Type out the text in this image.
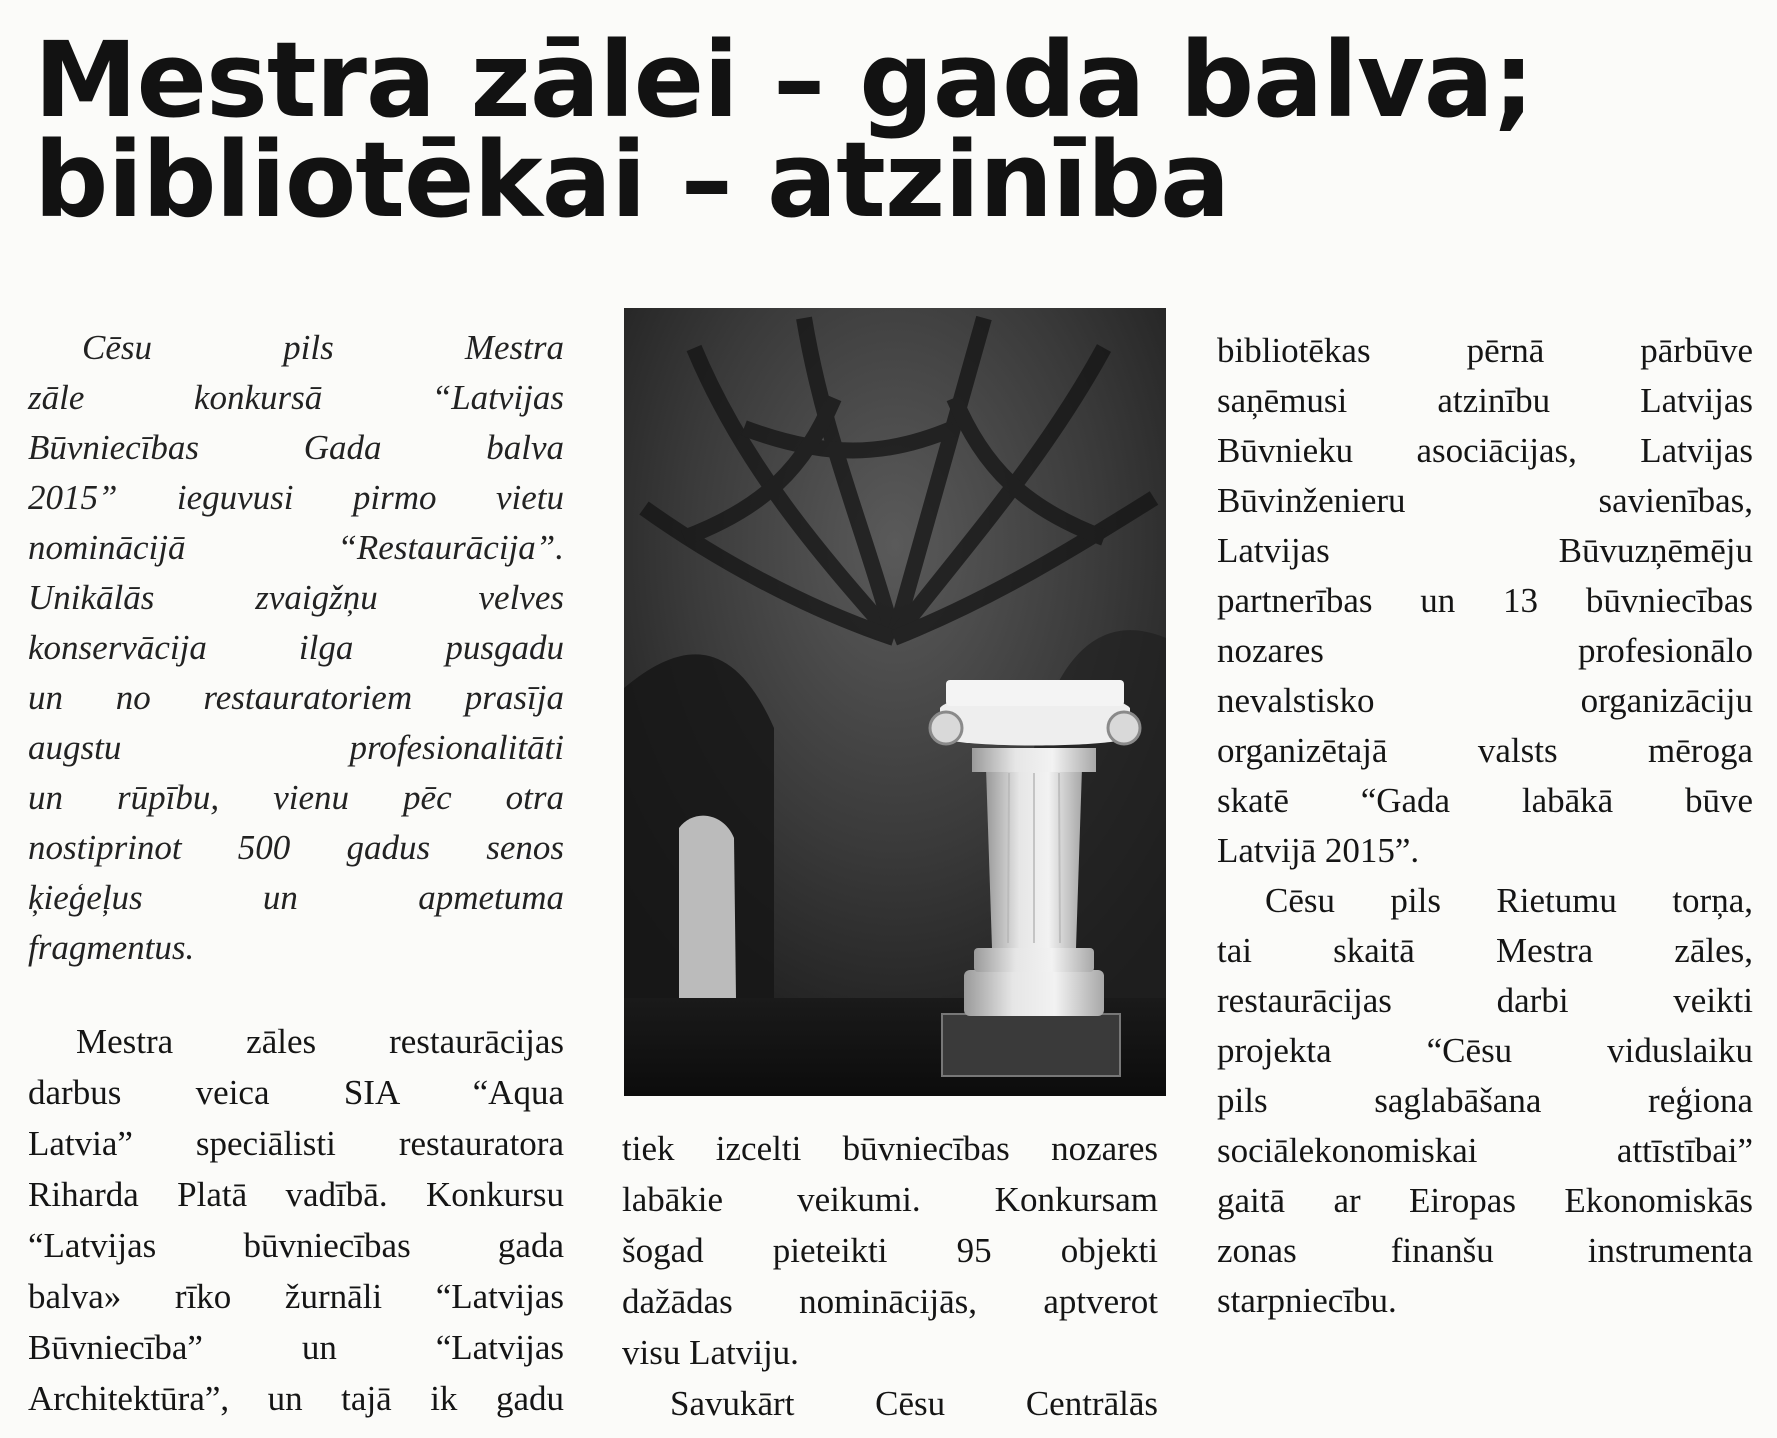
Mestra zālei – gada balva;
bibliotēkai – atzinība

Cēsu pils Mestra

zāle konkursā “Latvijas

Būvniecības Gada balva

2015” ieguvusi pirmo vietu

nominācijā “Restaurācija”.

Unikālās zvaigžņu velves

konservācija ilga pusgadu

un no restauratoriem prasīja

augstu profesionalitāti

un rūpību, vienu pēc otra

nostiprinot 500 gadus senos

ķieģeļus un apmetuma

fragmentus.

Mestra zāles restaurācijas

darbus veica SIA “Aqua

Latvia” speciālisti restauratora

Riharda Platā vadībā. Konkursu

“Latvijas būvniecības gada

balva» rīko žurnāli “Latvijas

Būvniecība” un “Latvijas

Architektūra”, un tajā ik gadu

tiek izcelti būvniecības nozares

labākie veikumi. Konkursam

šogad pieteikti 95 objekti

dažādas nominācijās, aptverot

visu Latviju.

Savukārt Cēsu Centrālās

bibliotēkas pērnā pārbūve

saņēmusi atzinību Latvijas

Būvnieku asociācijas, Latvijas

Būvinženieru savienības,

Latvijas Būvuzņēmēju

partnerības un 13 būvniecības

nozares profesionālo

nevalstisko organizāciju

organizētajā valsts mēroga

skatē “Gada labākā būve

Latvijā 2015”.

Cēsu pils Rietumu torņa,

tai skaitā Mestra zāles,

restaurācijas darbi veikti

projekta “Cēsu viduslaiku

pils saglabāšana reģiona

sociālekonomiskai attīstībai”

gaitā ar Eiropas Ekonomiskās

zonas finanšu instrumenta

starpniecību.
